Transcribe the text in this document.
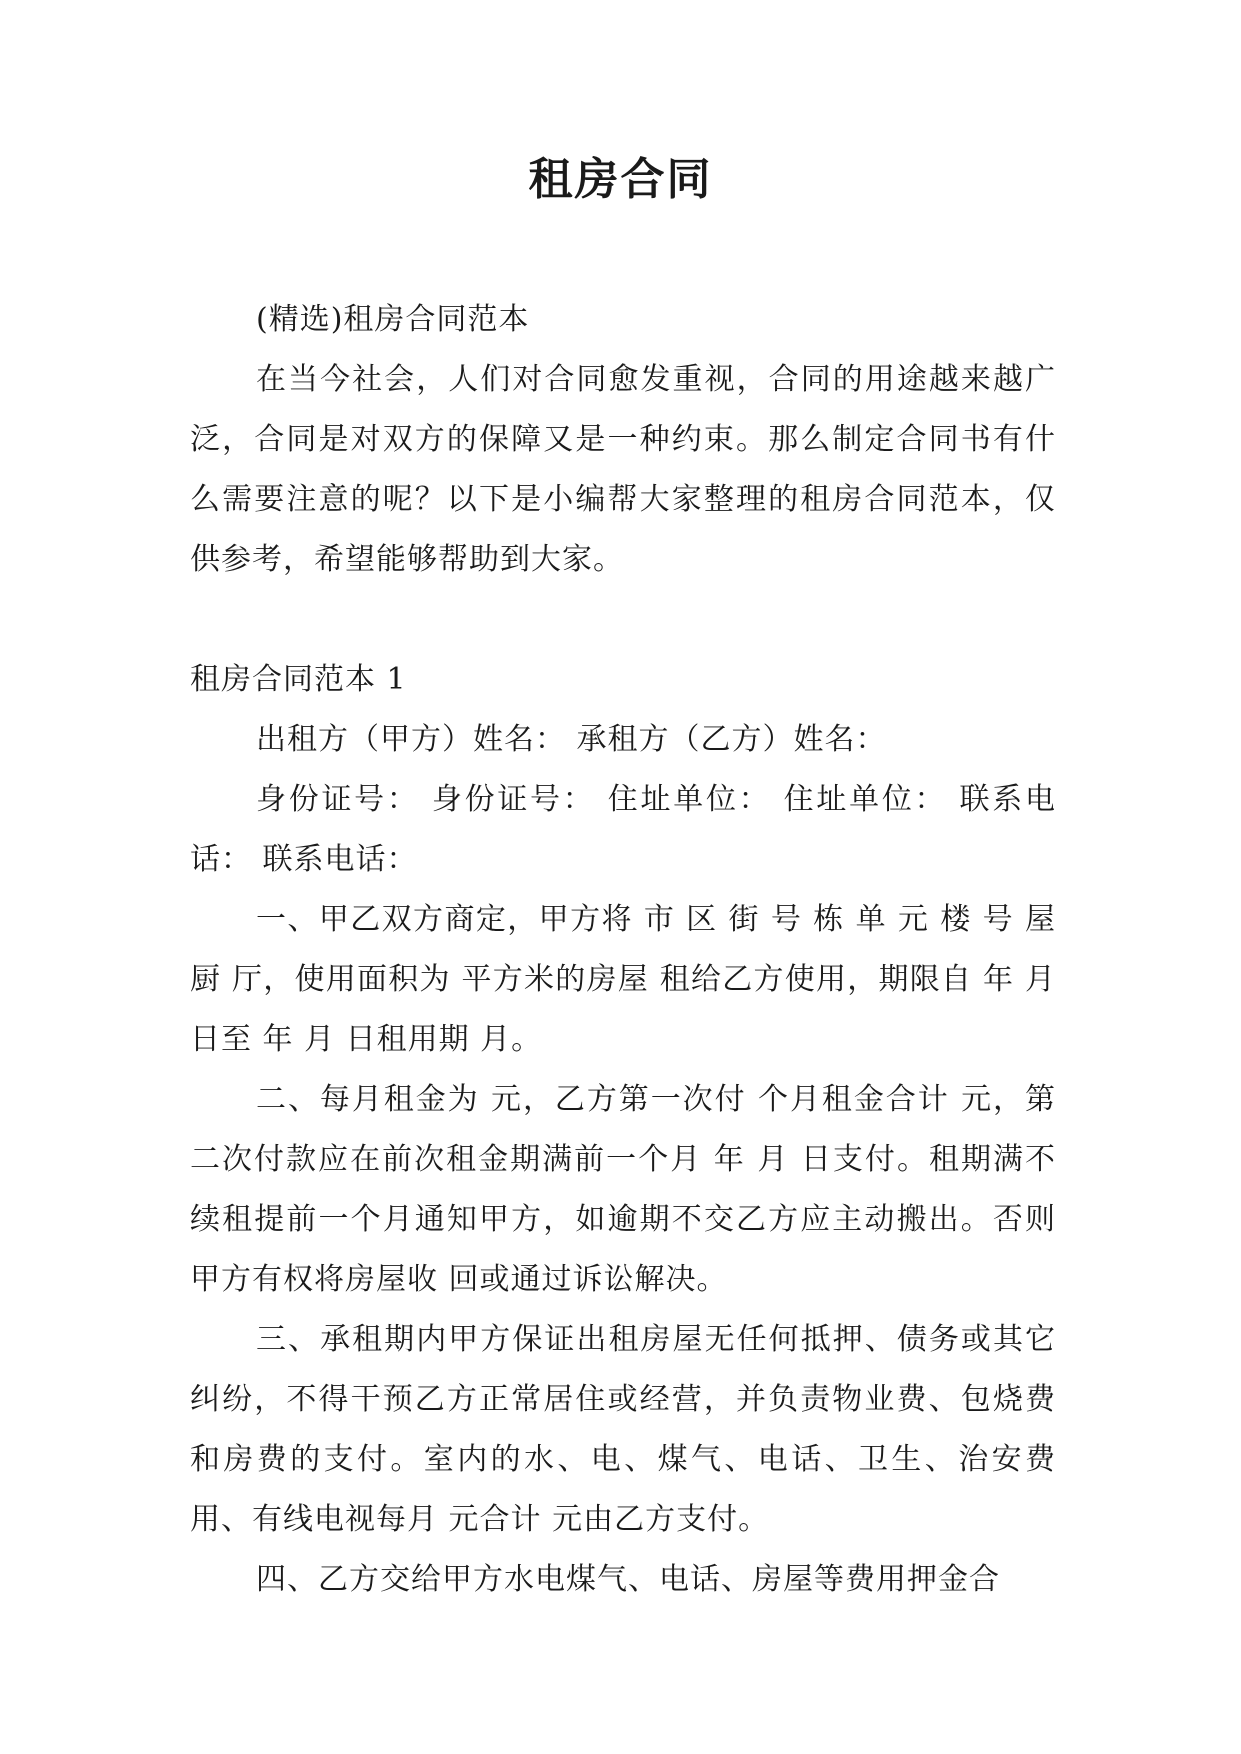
租房合同

(精选)租房合同范本

在当今社会，人们对合同愈发重视，合同的用途越来越广泛，合同是对双方的保障又是一种约束。那么制定合同书有什么需要注意的呢？以下是小编帮大家整理的租房合同范本，仅供参考，希望能够帮助到大家。

租房合同范本 1

出租方（甲方）姓名： 承租方（乙方）姓名：

身份证号： 身份证号： 住址单位： 住址单位： 联系电话： 联系电话：

一、甲乙双方商定，甲方将 市 区 街 号 栋 单 元 楼 号 屋 厨 厅，使用面积为 平方米的房屋 租给乙方使用，期限自 年 月 日至 年 月 日租用期 月。

二、每月租金为 元，乙方第一次付 个月租金合计 元，第二次付款应在前次租金期满前一个月 年 月 日支付。租期满不续租提前一个月通知甲方，如逾期不交乙方应主动搬出。否则甲方有权将房屋收 回或通过诉讼解决。

三、承租期内甲方保证出租房屋无任何抵押、债务或其它纠纷，不得干预乙方正常居住或经营，并负责物业费、包烧费和房费的支付。室内的水、电、煤气、电话、卫生、治安费用、有线电视每月 元合计 元由乙方支付。

四、乙方交给甲方水电煤气、电话、房屋等费用押金合
